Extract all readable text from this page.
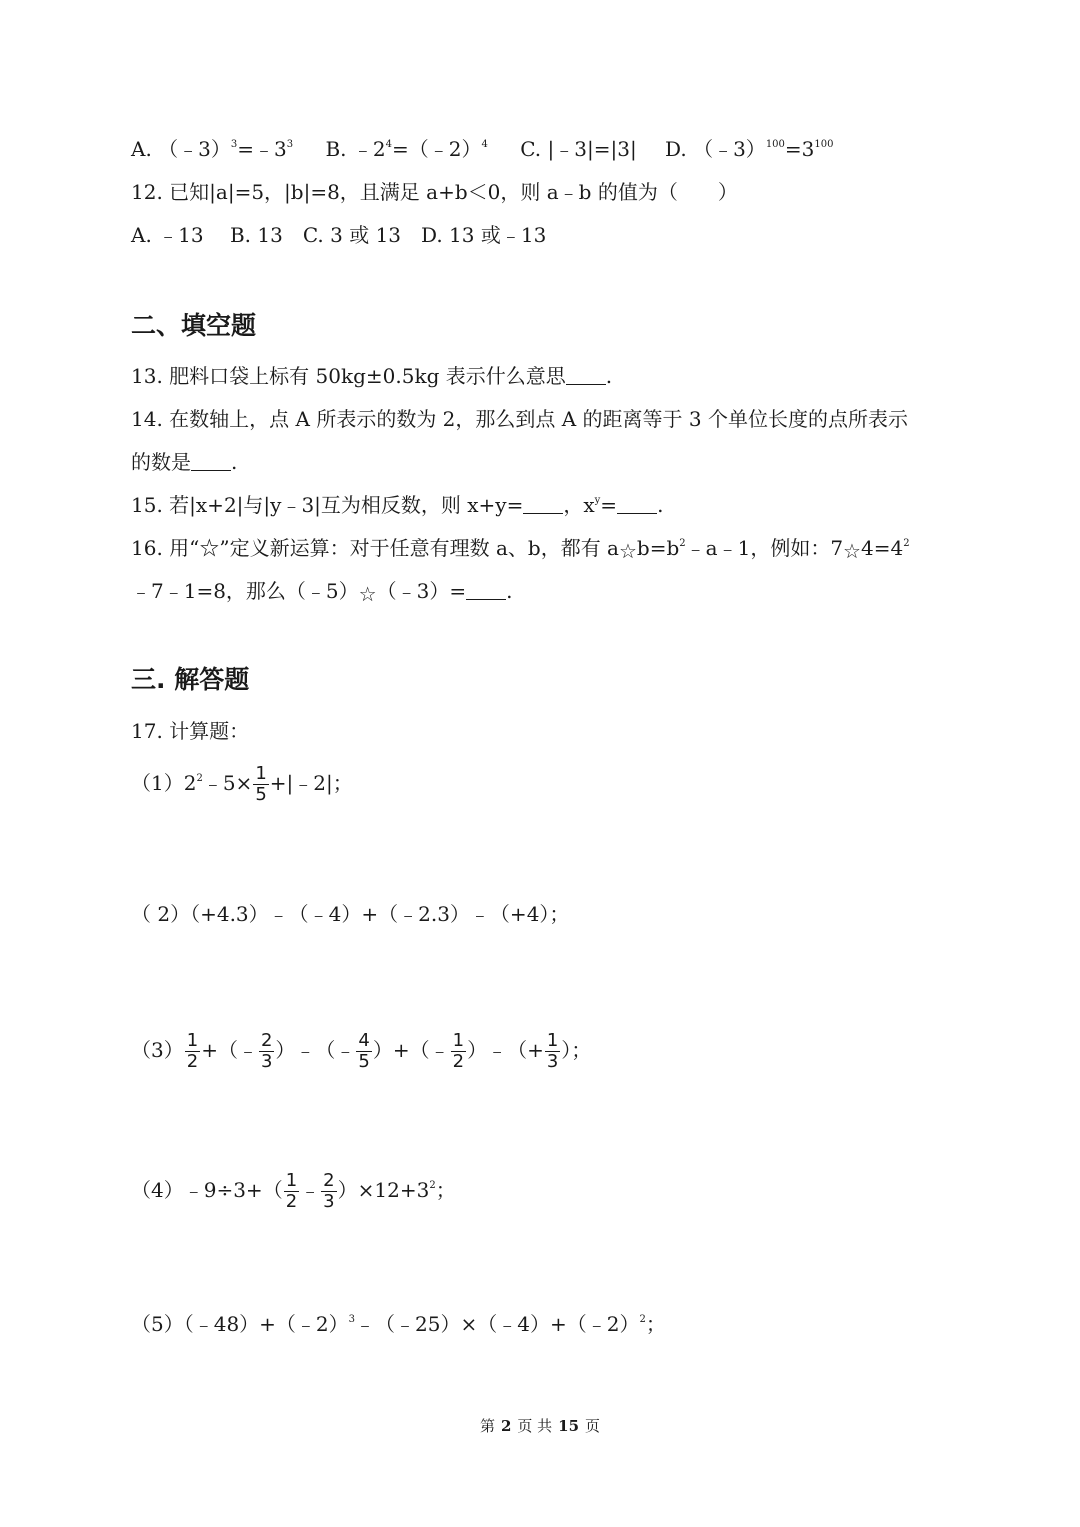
A. $(﹣3)^3=﹣3^3$ B. $﹣2^4=(﹣2)^4$ C. |﹣3|=|3| D. $(﹣3)^{100}=3^{100}$
12. 已知|a|=5，|b|=8，且满足 a+b＜0，则 a﹣b 的值为（　　）
A. ﹣13　 B. 13　C. 3 或 13　D. 13 或﹣13
二、填空题
13. 肥料口袋上标有 50kg±0.5kg 表示什么意思 .
14. 在数轴上，点 A 所表示的数为 2，那么到点 A 的距离等于 3 个单位长度的点所表示
的数是 .
15. 若|x+2|与|y﹣3|互为相反数，则 x+y= ，$x^y=$ .
16. 用“☆”定义新运算：对于任意有理数 a、b，都有 $a☆b=b^2﹣a﹣1$，例如：$7☆4=4^2$
﹣7﹣1=8，那么（﹣5）☆（﹣3）= .
三. 解答题
17. 计算题：
$(1)2^2﹣5\times \frac{1}{5}$ +|﹣2|；
（ 2）（+4.3）﹣（﹣4）+（﹣2.3）﹣（+4）；
$(3) \frac{1}{2}$ +（﹣ $\frac{2}{3}$ ）﹣（﹣ $\frac{4}{5}$ ）+（﹣ $\frac{1}{2}$ ）﹣（+ $\frac{1}{3}$ ）；
（4）﹣9÷3+（ $\frac{1}{2}$ ﹣ $\frac{2}{3} )\times 12+3^2$；
（5）（﹣48）+（﹣2）$^3$﹣（﹣25）×（﹣4）+（﹣2）$^2$；
第 2 页 共 15 页
